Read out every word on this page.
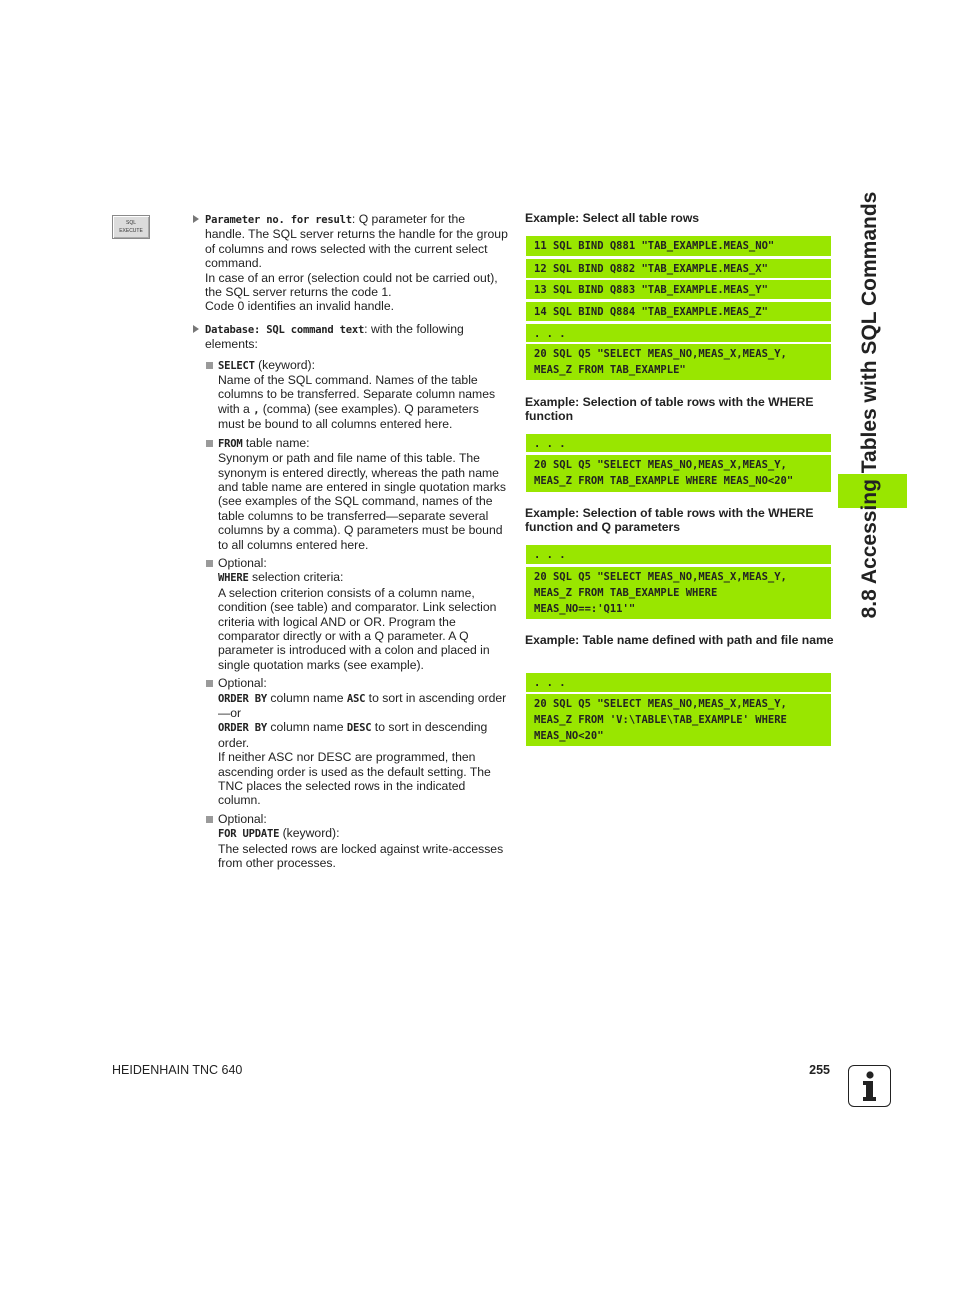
SQL
EXECUTE
Parameter no. for result: Q parameter for the handle. The SQL server returns the handle for the group of columns and rows selected with the current select command.
In case of an error (selection could not be carried out), the SQL server returns the code 1.
Code 0 identifies an invalid handle.
Database: SQL command text: with the following elements:
SELECT (keyword):
Name of the SQL command. Names of the table columns to be transferred. Separate column names with a , (comma) (see examples). Q parameters must be bound to all columns entered here.
FROM table name:
Synonym or path and file name of this table. The synonym is entered directly, whereas the path name and table name are entered in single quotation marks (see examples of the SQL command, names of the table columns to be transferred—separate several columns by a comma). Q parameters must be bound to all columns entered here.
Optional:
WHERE selection criteria:
A selection criterion consists of a column name, condition (see table) and comparator. Link selection criteria with logical AND or OR. Program the comparator directly or with a Q parameter. A Q parameter is introduced with a colon and placed in single quotation marks (see example).
Optional:
ORDER BY column name ASC to sort in ascending order—or
ORDER BY column name DESC to sort in descending order.
If neither ASC nor DESC are programmed, then ascending order is used as the default setting. The TNC places the selected rows in the indicated column.
Optional:
FOR UPDATE (keyword):
The selected rows are locked against write-accesses from other processes.
Example: Select all table rows
11 SQL BIND Q881 "TAB_EXAMPLE.MEAS_NO"
12 SQL BIND Q882 "TAB_EXAMPLE.MEAS_X"
13 SQL BIND Q883 "TAB_EXAMPLE.MEAS_Y"
14 SQL BIND Q884 "TAB_EXAMPLE.MEAS_Z"
. . .
20 SQL Q5 "SELECT MEAS_NO,MEAS_X,MEAS_Y,
MEAS_Z FROM TAB_EXAMPLE"
Example: Selection of table rows with the WHERE function
. . .
20 SQL Q5 "SELECT MEAS_NO,MEAS_X,MEAS_Y,
MEAS_Z FROM TAB_EXAMPLE WHERE MEAS_NO<20"
Example: Selection of table rows with the WHERE function and Q parameters
. . .
20 SQL Q5 "SELECT MEAS_NO,MEAS_X,MEAS_Y,
MEAS_Z FROM TAB_EXAMPLE WHERE
MEAS_NO==:'Q11'"
Example: Table name defined with path and file name
. . .
20 SQL Q5 "SELECT MEAS_NO,MEAS_X,MEAS_Y,
MEAS_Z FROM 'V:\TABLE\TAB_EXAMPLE' WHERE
MEAS_NO<20"
8.8 Accessing Tables with SQL Commands
HEIDENHAIN TNC 640	255
